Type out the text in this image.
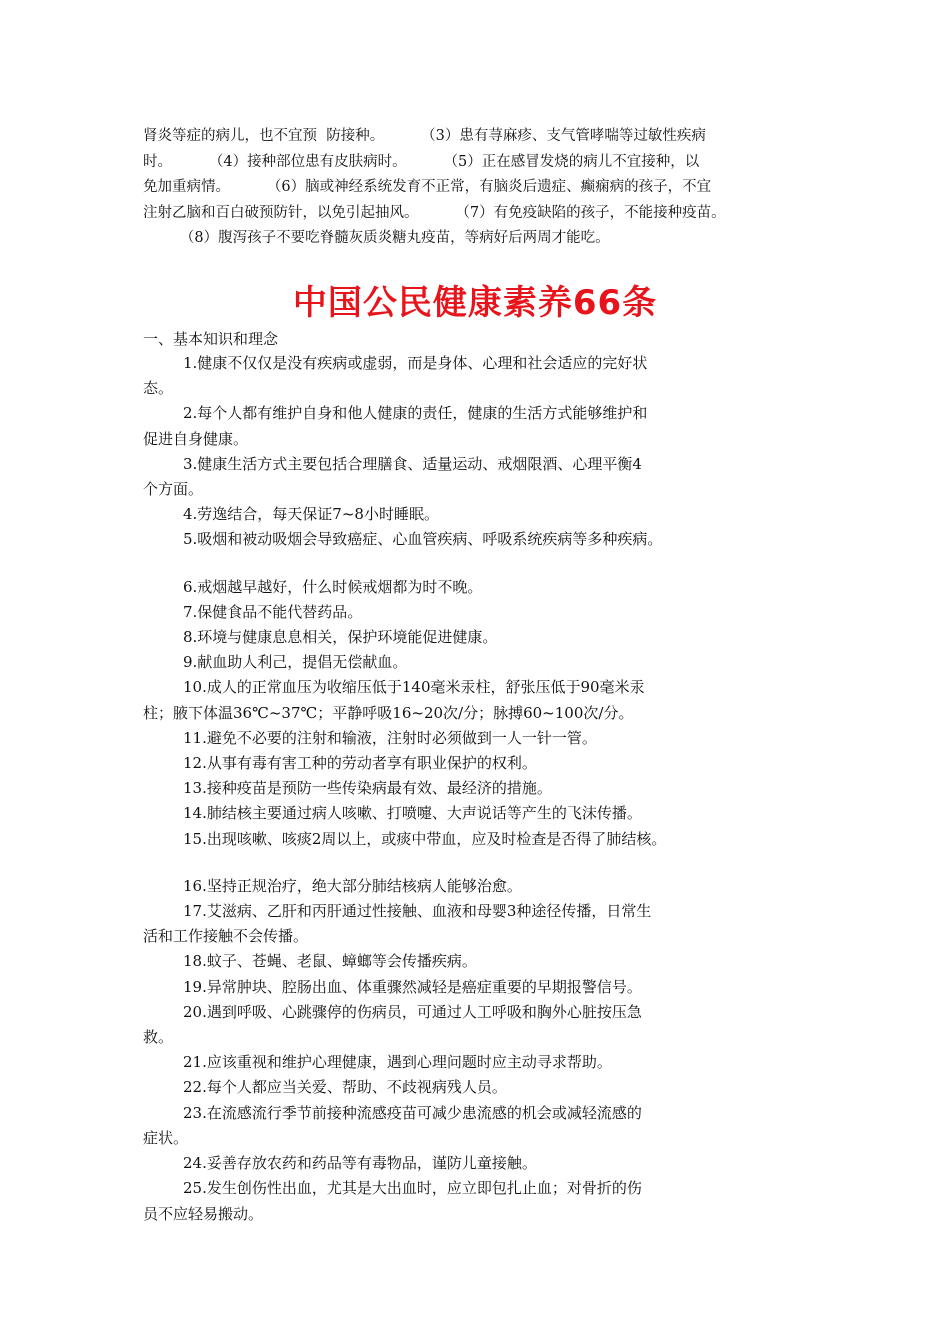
肾炎等症的病儿，也不宜预  防接种。        （3）患有荨麻疹、支气管哮喘等过敏性疾病
时。        （4）接种部位患有皮肤病时。        （5）正在感冒发烧的病儿不宜接种，以
免加重病情。        （6）脑或神经系统发育不正常，有脑炎后遗症、癫痫病的孩子，不宜
注射乙脑和百白破预防针，以免引起抽风。        （7）有免疫缺陷的孩子，不能接种疫苗。
（8）腹泻孩子不要吃脊髓灰质炎糖丸疫苗，等病好后两周才能吃。
中国公民健康素养66条
一、基本知识和理念
1.健康不仅仅是没有疾病或虚弱，而是身体、心理和社会适应的完好状
态。
2.每个人都有维护自身和他人健康的责任，健康的生活方式能够维护和
促进自身健康。
3.健康生活方式主要包括合理膳食、适量运动、戒烟限酒、心理平衡4
个方面。
4.劳逸结合，每天保证7~8小时睡眠。
5.吸烟和被动吸烟会导致癌症、心血管疾病、呼吸系统疾病等多种疾病。
6.戒烟越早越好，什么时候戒烟都为时不晚。
7.保健食品不能代替药品。
8.环境与健康息息相关，保护环境能促进健康。
9.献血助人利己，提倡无偿献血。
10.成人的正常血压为收缩压低于140毫米汞柱，舒张压低于90毫米汞
柱；腋下体温36℃~37℃；平静呼吸16~20次/分；脉搏60~100次/分。
11.避免不必要的注射和输液，注射时必须做到一人一针一管。
12.从事有毒有害工种的劳动者享有职业保护的权利。
13.接种疫苗是预防一些传染病最有效、最经济的措施。
14.肺结核主要通过病人咳嗽、打喷嚏、大声说话等产生的飞沫传播。
15.出现咳嗽、咳痰2周以上，或痰中带血，应及时检查是否得了肺结核。
16.坚持正规治疗，绝大部分肺结核病人能够治愈。
17.艾滋病、乙肝和丙肝通过性接触、血液和母婴3种途径传播，日常生
活和工作接触不会传播。
18.蚊子、苍蝇、老鼠、蟑螂等会传播疾病。
19.异常肿块、腔肠出血、体重骤然减轻是癌症重要的早期报警信号。
20.遇到呼吸、心跳骤停的伤病员，可通过人工呼吸和胸外心脏按压急
救。
21.应该重视和维护心理健康，遇到心理问题时应主动寻求帮助。
22.每个人都应当关爱、帮助、不歧视病残人员。
23.在流感流行季节前接种流感疫苗可减少患流感的机会或减轻流感的
症状。
24.妥善存放农药和药品等有毒物品，谨防儿童接触。
25.发生创伤性出血，尤其是大出血时，应立即包扎止血；对骨折的伤
员不应轻易搬动。
